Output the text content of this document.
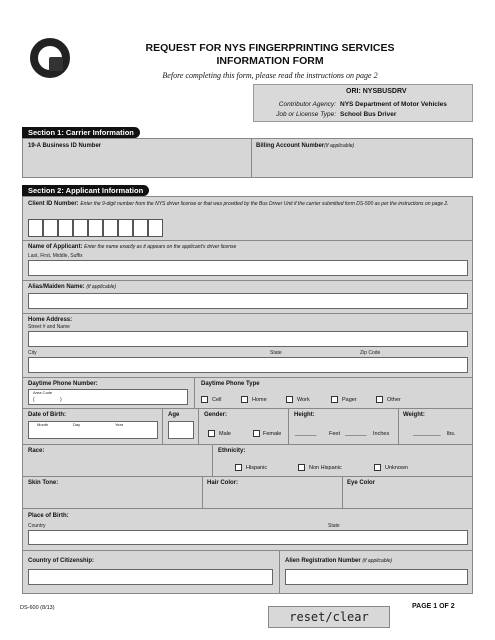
REQUEST FOR NYS FINGERPRINTING SERVICES
INFORMATION FORM
Before completing this form, please read the instructions on page 2
ORI: NYSBUSDRV
Contributor Agency: NYS Department of Motor Vehicles
Job or License Type: School Bus Driver
Section 1: Carrier Information
19-A Business ID Number	Billing Account Number(If applicable)
Section 2: Applicant Information
Client ID Number: Enter the 9-digit number from the NYS driver license or that was provided by the Bus Driver Unit if the carrier submitted form DS-500 as per the instructions on page 2.
Name of Applicant: Enter the name exactly as it appears on the applicant's driver license
Last, First, Middle, Suffix
Alias/Maiden Name: (if applicable)
Home Address:
Street # and Name
City	State	Zip Code
Daytime Phone Number:
Area Code
(	)
Daytime Phone Type
Cell	Home	Work	Pager	Other
Date of Birth:
Month	Day	Year
Age	Gender:
Male	Female
Height:
_______ Feet _______ Inches
Weight:
_________ lbs.
Race:	Ethnicity:
Hispanic	Non Hispanic	Unknown
Skin Tone:	Hair Color:	Eye Color
Place of Birth:
Country	State
Country of Citizenship:	Alien Registration Number (if applicable)
DS-600 (8/13)	PAGE 1 OF 2
reset/clear
